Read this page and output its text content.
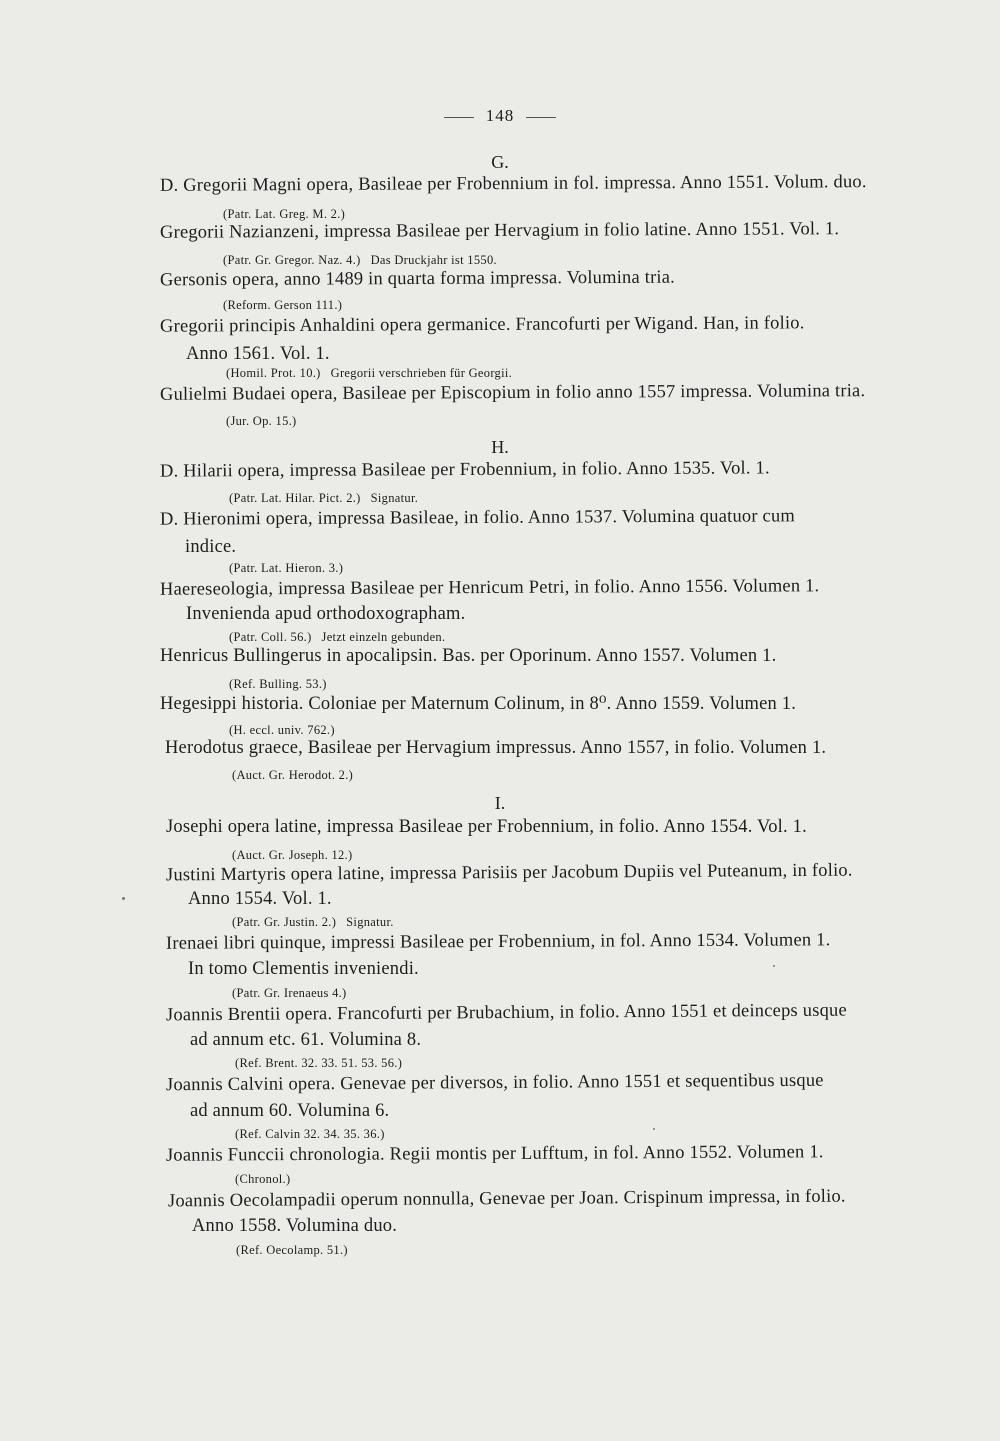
148
G.
D. Gregorii Magni opera, Basileae per Frobennium in fol. impressa. Anno 1551. Volum. duo.
(Patr. Lat. Greg. M. 2.)
Gregorii Nazianzeni, impressa Basileae per Hervagium in folio latine. Anno 1551. Vol. 1.
(Patr. Gr. Gregor. Naz. 4.) Das Druckjahr ist 1550.
Gersonis opera, anno 1489 in quarta forma impressa. Volumina tria.
(Reform. Gerson 111.)
Gregorii principis Anhaldini opera germanice. Francofurti per Wigand. Han, in folio.
Anno 1561. Vol. 1.
(Homil. Prot. 10.) Gregorii verschrieben für Georgii.
Gulielmi Budaei opera, Basileae per Episcopium in folio anno 1557 impressa. Volumina tria.
(Jur. Op. 15.)
H.
D. Hilarii opera, impressa Basileae per Frobennium, in folio. Anno 1535. Vol. 1.
(Patr. Lat. Hilar. Pict. 2.) Signatur.
D. Hieronimi opera, impressa Basileae, in folio. Anno 1537. Volumina quatuor cum
indice.
(Patr. Lat. Hieron. 3.)
Haereseologia, impressa Basileae per Henricum Petri, in folio. Anno 1556. Volumen 1.
Invenienda apud orthodoxographam.
(Patr. Coll. 56.) Jetzt einzeln gebunden.
Henricus Bullingerus in apocalipsin. Bas. per Oporinum. Anno 1557. Volumen 1.
(Ref. Bulling. 53.)
Hegesippi historia. Coloniae per Maternum Colinum, in 8⁰. Anno 1559. Volumen 1.
(H. eccl. univ. 762.)
Herodotus graece, Basileae per Hervagium impressus. Anno 1557, in folio. Volumen 1.
(Auct. Gr. Herodot. 2.)
I.
Josephi opera latine, impressa Basileae per Frobennium, in folio. Anno 1554. Vol. 1.
(Auct. Gr. Joseph. 12.)
Justini Martyris opera latine, impressa Parisiis per Jacobum Dupiis vel Puteanum, in folio.
Anno 1554. Vol. 1.
(Patr. Gr. Justin. 2.) Signatur.
Irenaei libri quinque, impressi Basileae per Frobennium, in fol. Anno 1534. Volumen 1.
In tomo Clementis inveniendi.
(Patr. Gr. Irenaeus 4.)
Joannis Brentii opera. Francofurti per Brubachium, in folio. Anno 1551 et deinceps usque
ad annum etc. 61. Volumina 8.
(Ref. Brent. 32. 33. 51. 53. 56.)
Joannis Calvini opera. Genevae per diversos, in folio. Anno 1551 et sequentibus usque
ad annum 60. Volumina 6.
(Ref. Calvin 32. 34. 35. 36.)
Joannis Funccii chronologia. Regii montis per Lufftum, in fol. Anno 1552. Volumen 1.
(Chronol.)
Joannis Oecolampadii operum nonnulla, Genevae per Joan. Crispinum impressa, in folio.
Anno 1558. Volumina duo.
(Ref. Oecolamp. 51.)
